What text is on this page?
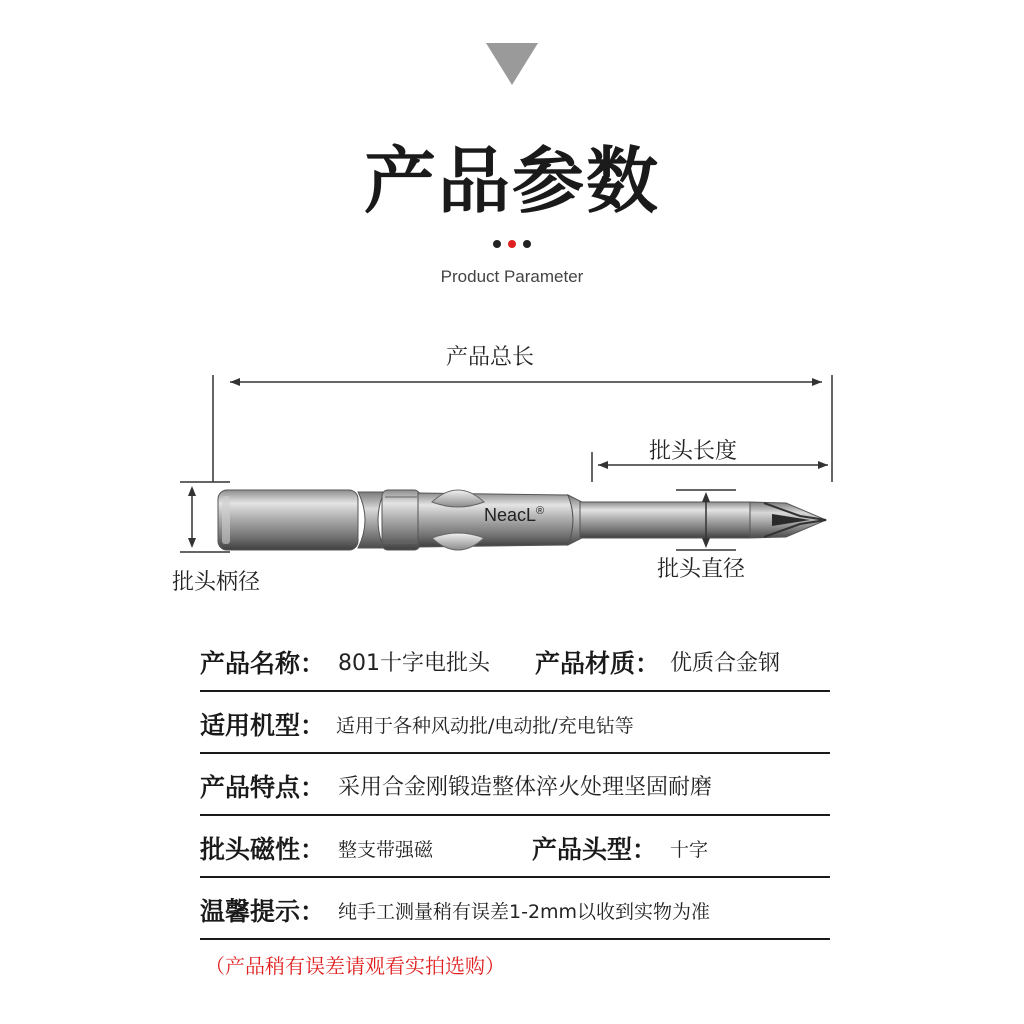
产品参数
Product Parameter
产品总长
批头长度
批头柄径
批头直径
NeacL®
产品名称： 801十字电批头 产品材质： 优质合金钢
适用机型： 适用于各种风动批/电动批/充电钻等
产品特点： 采用合金刚锻造整体淬火处理坚固耐磨
批头磁性： 整支带强磁	产品头型： 十字
温馨提示： 纯手工测量稍有误差1-2mm以收到实物为准
（产品稍有误差请观看实拍选购）
